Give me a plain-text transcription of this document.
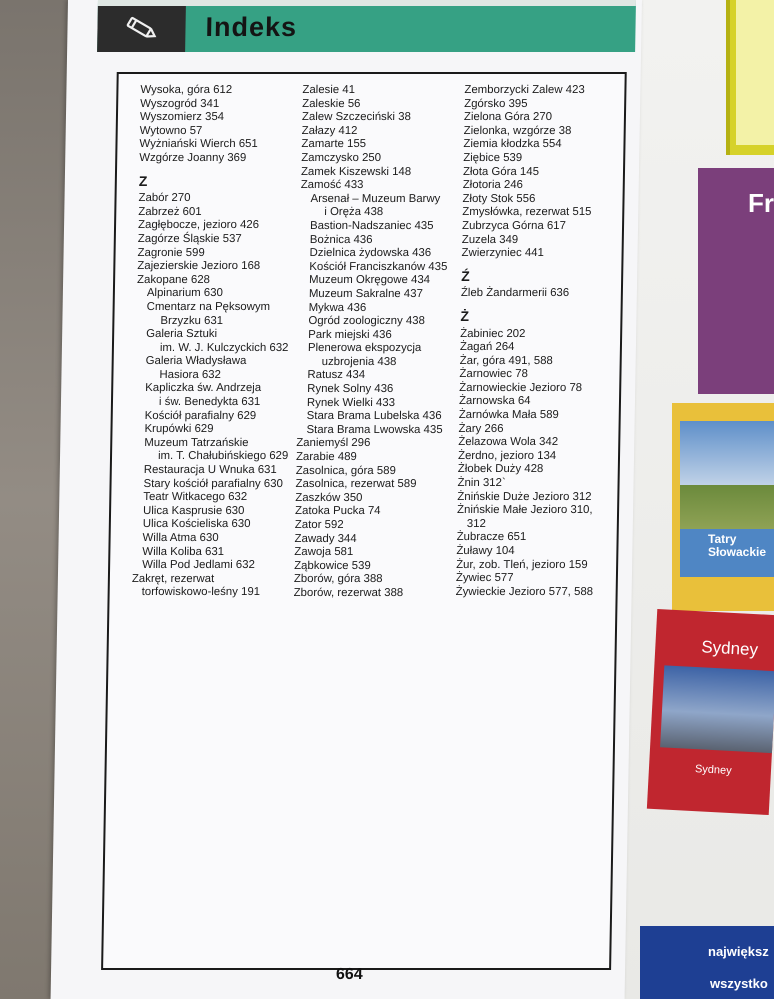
Fr
Tatry Słowackie
Sydney
Sydney
największ
wszystko
Indeks
Wysoka, góra 612
Wyszogród 341
Wyszomierz 354
Wytowno 57
Wyżniański Wierch 651
Wzgórze Joanny 369
Z
Zabór 270
Zabrzeż 601
Zagłębocze, jezioro 426
Zagórze Śląskie 537
Zagronie 599
Zajezierskie Jezioro 168
Zakopane 628
Alpinarium 630
Cmentarz na Pęksowym
Brzyzku 631
Galeria Sztuki
im. W. J. Kulczyckich 632
Galeria Władysława
Hasiora 632
Kapliczka św. Andrzeja
i św. Benedykta 631
Kościół parafialny 629
Krupówki 629
Muzeum Tatrzańskie
im. T. Chałubińskiego 629
Restauracja U Wnuka 631
Stary kościół parafialny 630
Teatr Witkacego 632
Ulica Kasprusie 630
Ulica Kościeliska 630
Willa Atma 630
Willa Koliba 631
Willa Pod Jedlami 632
Zakręt, rezerwat
torfowiskowo-leśny 191
Zalesie 41
Zaleskie 56
Zalew Szczeciński 38
Załazy 412
Zamarte 155
Zamczysko 250
Zamek Kiszewski 148
Zamość 433
Arsenał – Muzeum Barwy
i Oręża 438
Bastion-Nadszaniec 435
Bożnica 436
Dzielnica żydowska 436
Kościół Franciszkanów 435
Muzeum Okręgowe 434
Muzeum Sakralne 437
Mykwa 436
Ogród zoologiczny 438
Park miejski 436
Plenerowa ekspozycja
uzbrojenia 438
Ratusz 434
Rynek Solny 436
Rynek Wielki 433
Stara Brama Lubelska 436
Stara Brama Lwowska 435
Zaniemyśl 296
Zarabie 489
Zasolnica, góra 589
Zasolnica, rezerwat 589
Zaszków 350
Zatoka Pucka 74
Zator 592
Zawady 344
Zawoja 581
Ząbkowice 539
Zborów, góra 388
Zborów, rezerwat 388
Zemborzycki Zalew 423
Zgórsko 395
Zielona Góra 270
Zielonka, wzgórze 38
Ziemia kłodzka 554
Ziębice 539
Złota Góra 145
Złotoria 246
Złoty Stok 556
Zmysłówka, rezerwat 515
Zubrzyca Górna 617
Zuzela 349
Zwierzyniec 441
Ź
Źleb Żandarmerii 636
Ż
Żabiniec 202
Żagań 264
Żar, góra 491, 588
Żarnowiec 78
Żarnowieckie Jezioro 78
Żarnowska 64
Żarnówka Mała 589
Żary 266
Żelazowa Wola 342
Żerdno, jezioro 134
Żłobek Duży 428
Żnin 312`
Żnińskie Duże Jezioro 312
Żnińskie Małe Jezioro 310,
312
Żubracze 651
Żuławy 104
Żur, zob. Tleń, jezioro 159
Żywiec 577
Żywieckie Jezioro 577, 588
664
